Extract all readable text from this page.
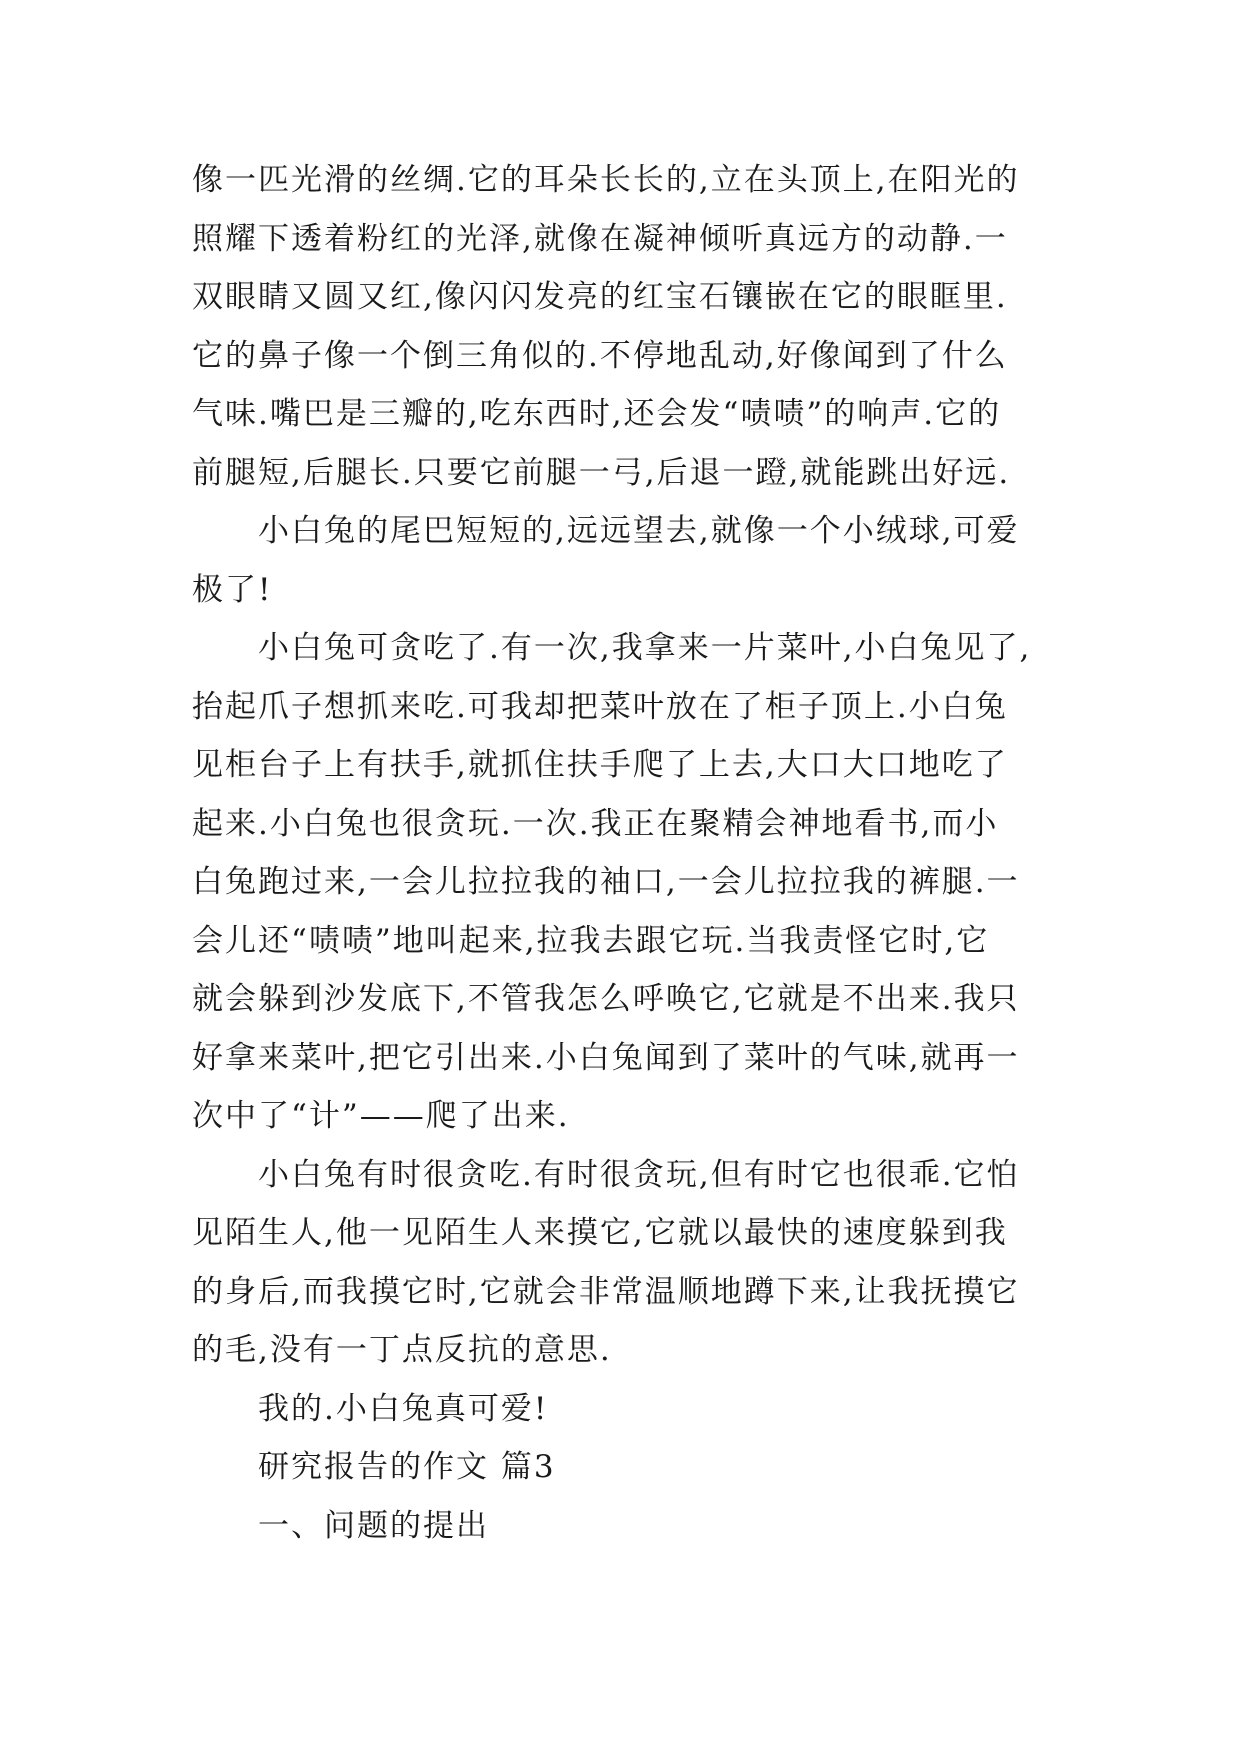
像一匹光滑的丝绸.它的耳朵长长的,立在头顶上,在阳光的
照耀下透着粉红的光泽,就像在凝神倾听真远方的动静.一
双眼睛又圆又红,像闪闪发亮的红宝石镶嵌在它的眼眶里.
它的鼻子像一个倒三角似的.不停地乱动,好像闻到了什么
气味.嘴巴是三瓣的,吃东西时,还会发“啧啧”的响声.它的
前腿短,后腿长.只要它前腿一弓,后退一蹬,就能跳出好远.
小白兔的尾巴短短的,远远望去,就像一个小绒球,可爱
极了!
小白兔可贪吃了.有一次,我拿来一片菜叶,小白兔见了,
抬起爪子想抓来吃.可我却把菜叶放在了柜子顶上.小白兔
见柜台子上有扶手,就抓住扶手爬了上去,大口大口地吃了
起来.小白兔也很贪玩.一次.我正在聚精会神地看书,而小
白兔跑过来,一会儿拉拉我的袖口,一会儿拉拉我的裤腿.一
会儿还“啧啧”地叫起来,拉我去跟它玩.当我责怪它时,它
就会躲到沙发底下,不管我怎么呼唤它,它就是不出来.我只
好拿来菜叶,把它引出来.小白兔闻到了菜叶的气味,就再一
次中了“计”——爬了出来.
小白兔有时很贪吃.有时很贪玩,但有时它也很乖.它怕
见陌生人,他一见陌生人来摸它,它就以最快的速度躲到我
的身后,而我摸它时,它就会非常温顺地蹲下来,让我抚摸它
的毛,没有一丁点反抗的意思.
我的.小白兔真可爱!
研究报告的作文 篇3
一、问题的提出
